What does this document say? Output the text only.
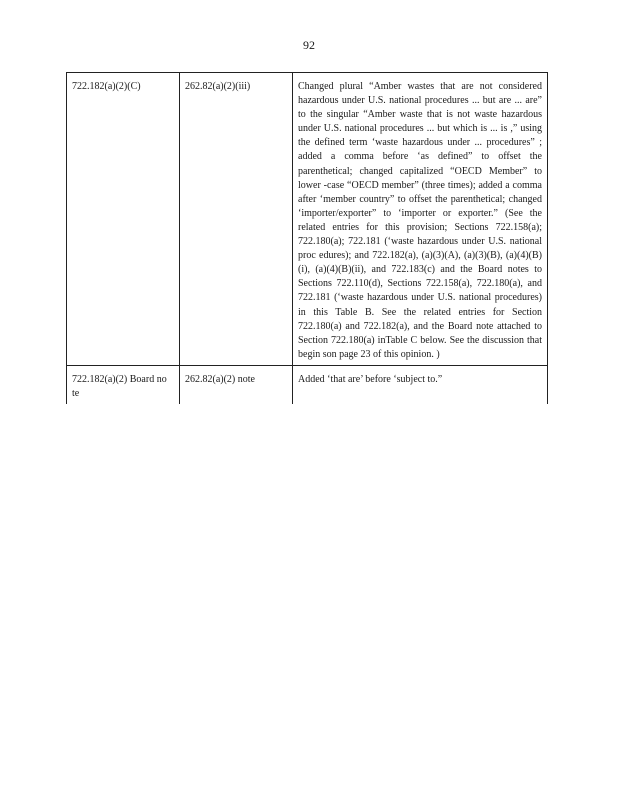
92
722.182(a)(2)(C)	262.82(a)(2)(iii)	Changed plural “Amber wastes that are not considered hazardous under U.S. national procedures ... but are ... are” to the singular “Amber waste that is not waste hazardous under U.S. national procedures ... but which is ... is ,” using the defined term ‘waste hazardous under ... procedures” ; added a comma before ‘as defined” to offset the parenthetical; changed capitalized “OECD Member” to lower -case “OECD member” (three times); added a comma after ‘member country” to offset the parenthetical; changed ‘importer/exporter” to ‘importer or exporter.” (See the related entries for this provision; Sections 722.158(a); 722.180(a); 722.181 (‘waste hazardous under U.S. national proc edures); and 722.182(a), (a)(3)(A), (a)(3)(B), (a)(4)(B)(i), (a)(4)(B)(ii), and 722.183(c) and the Board notes to Sections 722.110(d), Sections 722.158(a), 722.180(a), and 722.181 (‘waste hazardous under U.S. national procedures) in this Table B. See the related entries for Section 722.180(a) and 722.182(a), and the Board note attached to Section 722.180(a) inTable C below. See the discussion that begin son page 23 of this opinion. )
722.182(a)(2) Board no te	262.82(a)(2) note	Added ‘that are’ before ‘subject to.”
